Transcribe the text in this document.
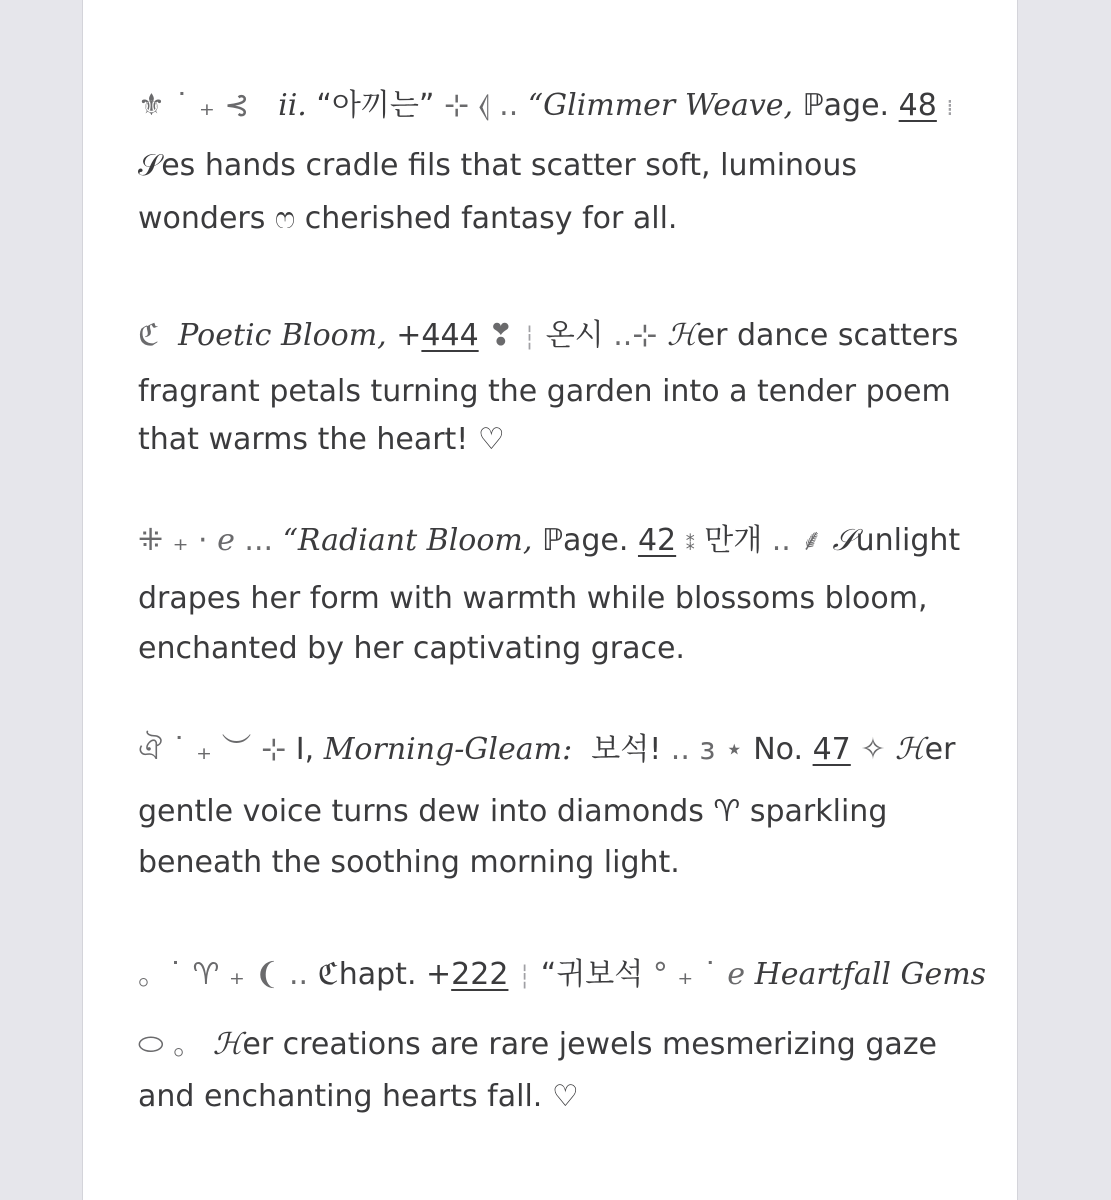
⚜ ˙ ₊ ⊰ ii. “아끼는” ⊹ ⦉ .. “Glimmer Weave, ℙage. 48 ⁞
𝒮es hands cradle fils that scatter soft, luminous
wonders ෆ cherished fantasy for all.
ℭ Poetic Bloom, +444 ❣ ┆ 온시 ..⊹ ℋer dance scatters
fragrant petals turning the garden into a tender poem
that warms the heart! ♡
⁜ ₊ · ℯ ... “Radiant Bloom, ℙage. 42 ⁑ 만개 .. ⸙ 𝒮unlight
drapes her form with warmth while blossoms bloom,
enchanted by her captivating grace.
ঐ ˙ ₊ ︶ ⊹ I, Morning-Gleam: 보석! .. ɜ ⋆ No. 47 ✧ ℋer
gentle voice turns dew into diamonds ♈ sparkling
beneath the soothing morning light.
。˙ ♈ ₊ ❨ .. ℭhapt. +222 ┆ “귀보석 ° ₊ ˙ ℯ Heartfall Gems
⬭ 。 ℋer creations are rare jewels mesmerizing gaze
and enchanting hearts fall. ♡
